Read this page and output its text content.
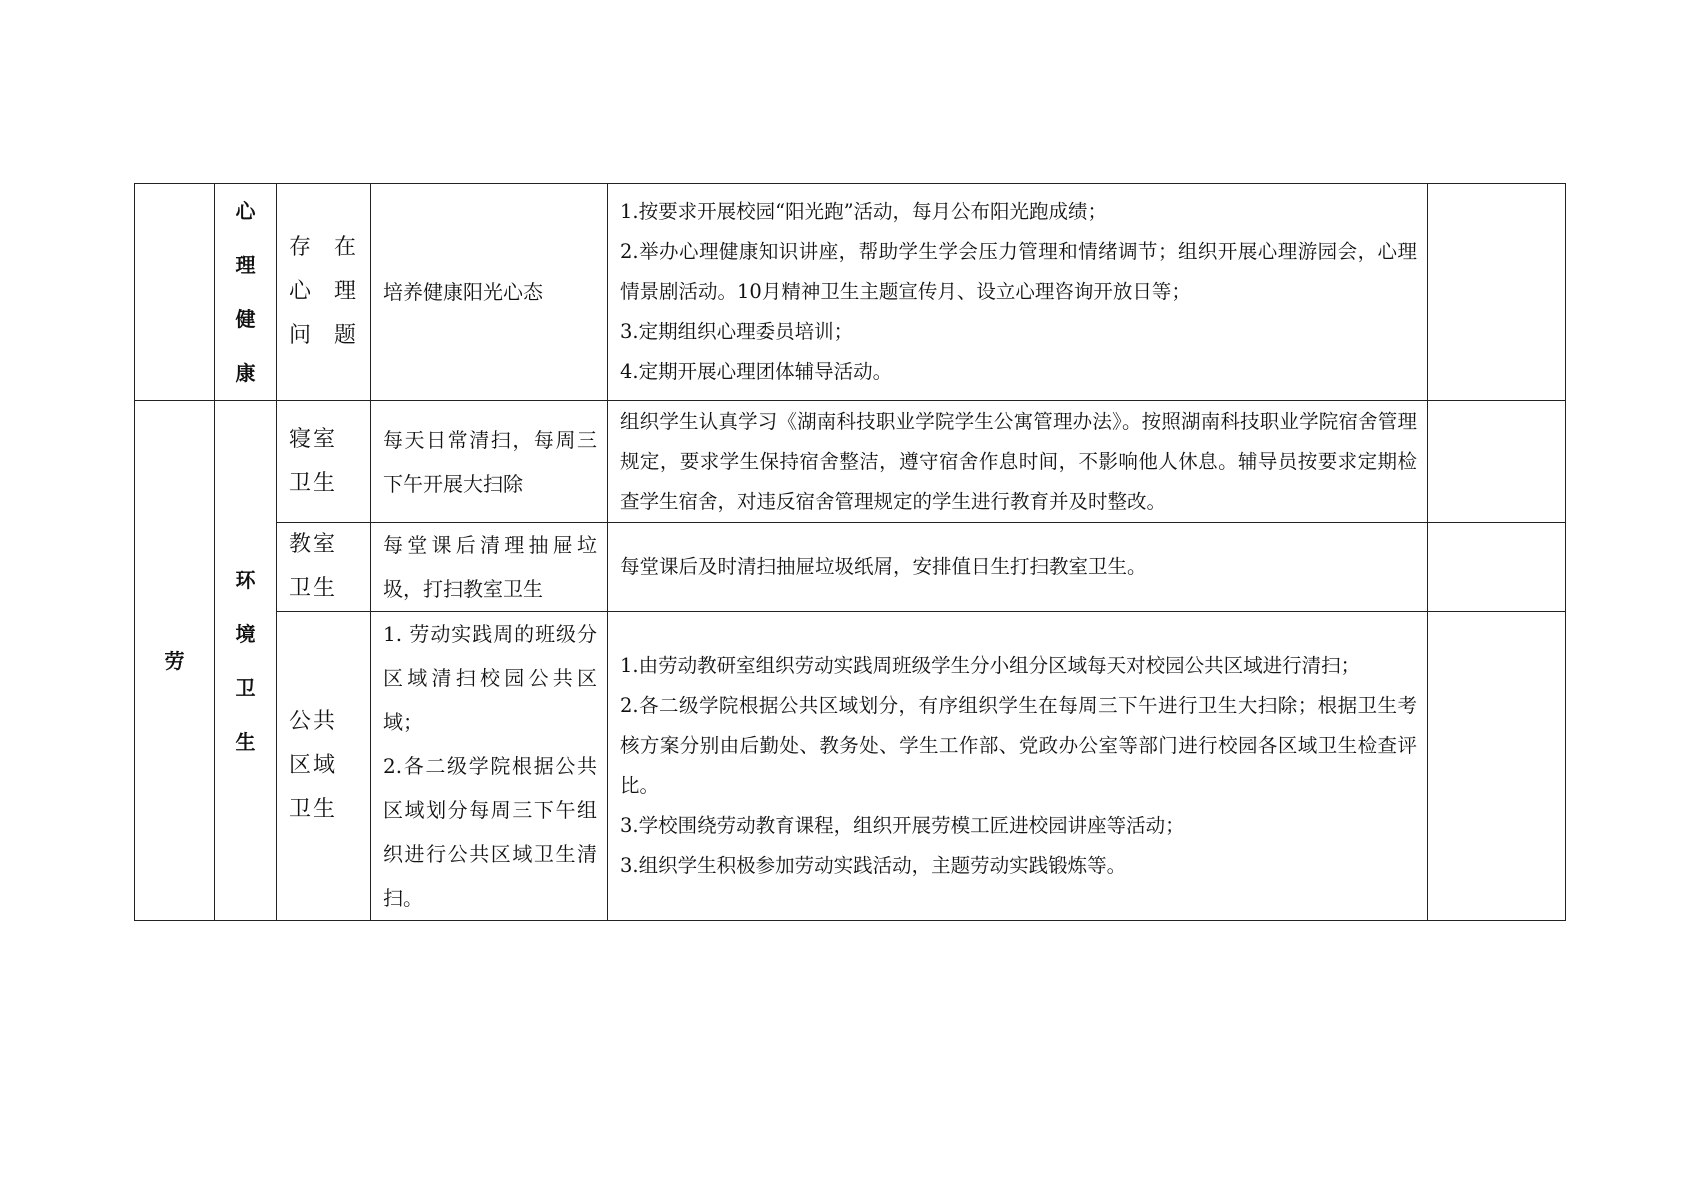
	心理健康	存在心理问题	培养健康阳光心态	1.按要求开展校园“阳光跑”活动，每月公布阳光跑成绩；
2.举办心理健康知识讲座，帮助学生学会压力管理和情绪调节；组织开展心理游园会，心理情景剧活动。10月精神卫生主题宣传月、设立心理咨询开放日等；
3.定期组织心理委员培训；
4.定期开展心理团体辅导活动。	

劳	环境卫生	寝室卫生	每天日常清扫，每周三下午开展大扫除	组织学生认真学习《湖南科技职业学院学生公寓管理办法》。按照湖南科技职业学院宿舍管理规定，要求学生保持宿舍整洁，遵守宿舍作息时间，不影响他人休息。辅导员按要求定期检查学生宿舍，对违反宿舍管理规定的学生进行教育并及时整改。	

		教室卫生	每堂课后清理抽屉垃圾，打扫教室卫生	每堂课后及时清扫抽屉垃圾纸屑，安排值日生打扫教室卫生。	

		公共区域卫生	1. 劳动实践周的班级分区域清扫校园公共区域；
2.各二级学院根据公共区域划分每周三下午组织进行公共区域卫生清扫。	1.由劳动教研室组织劳动实践周班级学生分小组分区域每天对校园公共区域进行清扫；
2.各二级学院根据公共区域划分，有序组织学生在每周三下午进行卫生大扫除；根据卫生考核方案分别由后勤处、教务处、学生工作部、党政办公室等部门进行校园各区域卫生检查评比。
3.学校围绕劳动教育课程，组织开展劳模工匠进校园讲座等活动；
3.组织学生积极参加劳动实践活动，主题劳动实践锻炼等。	
